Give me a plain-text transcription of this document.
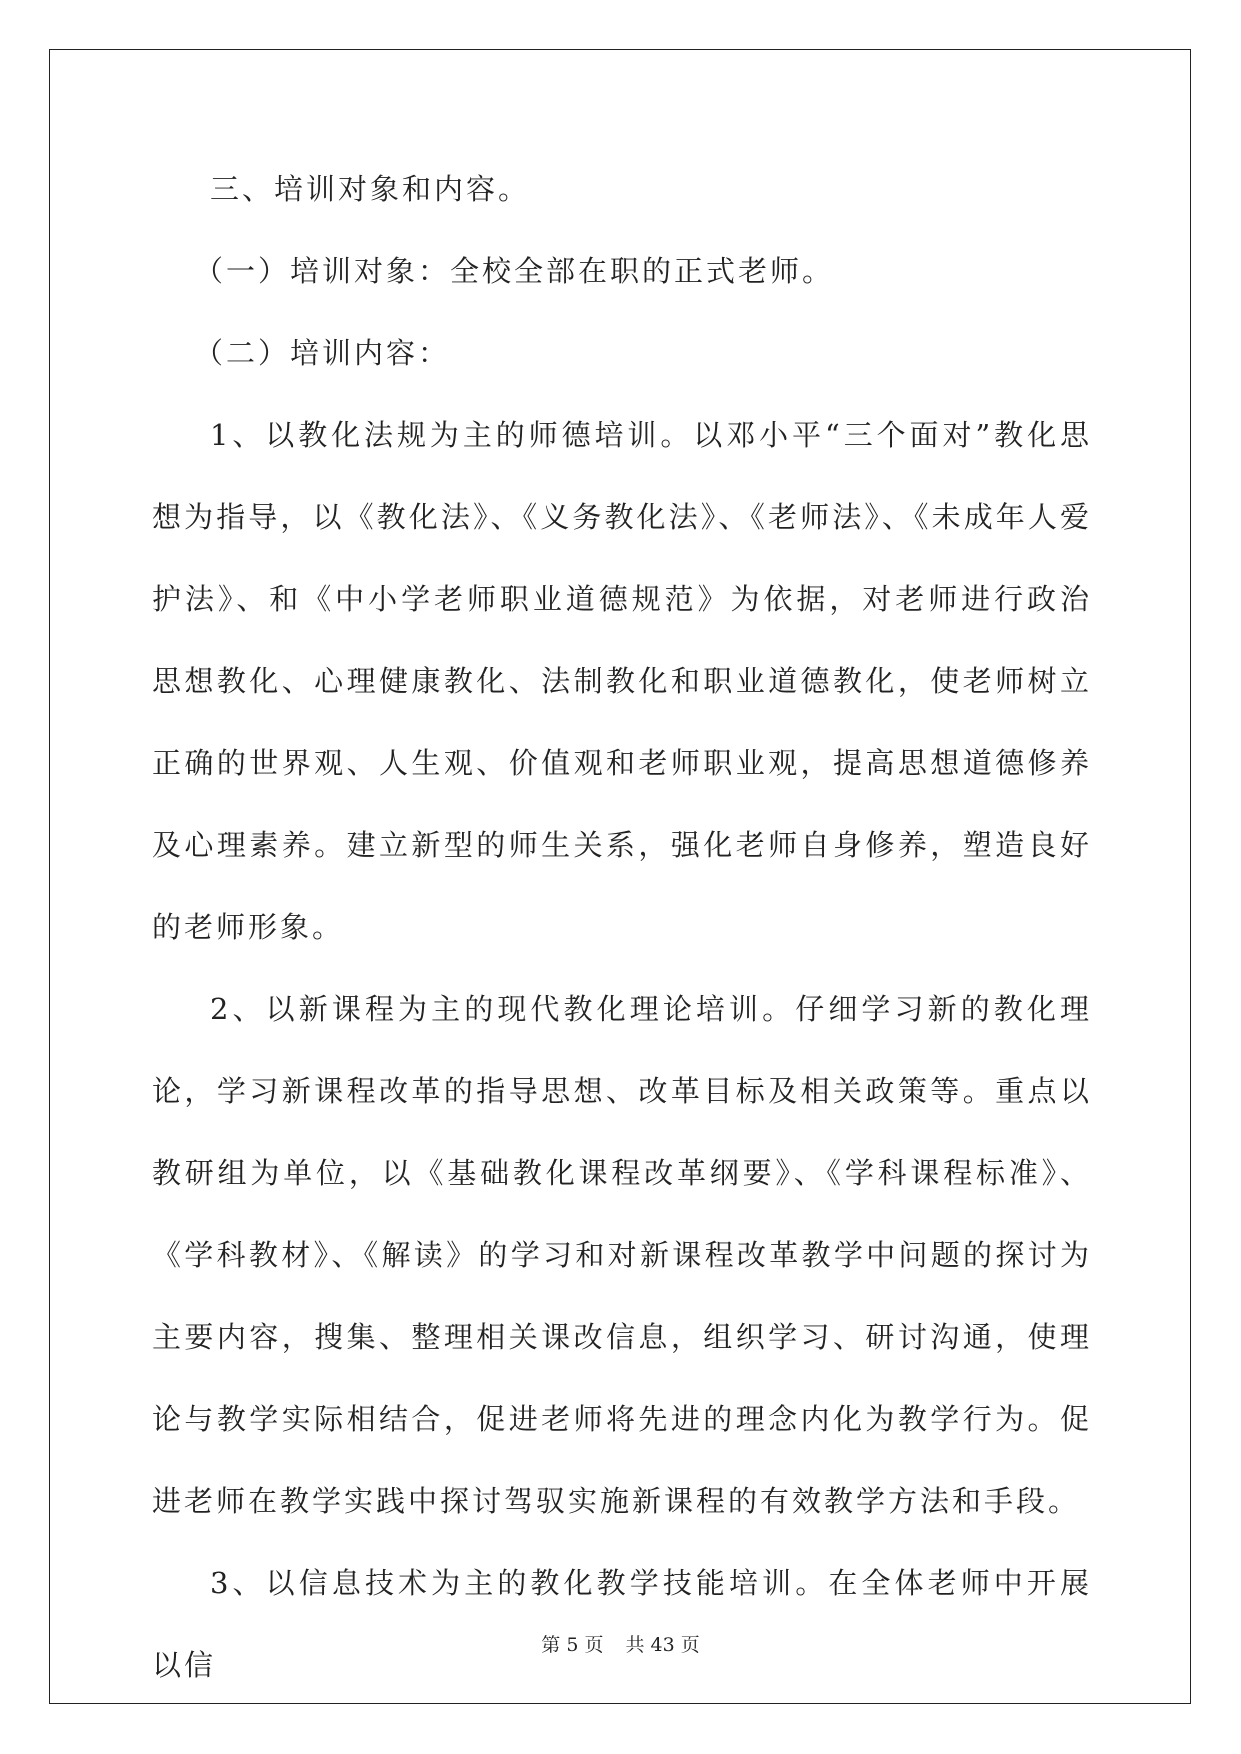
三、培训对象和内容。

（一）培训对象：全校全部在职的正式老师。

（二）培训内容：

1、以教化法规为主的师德培训。以邓小平“三个面对”教化思想为指导，以《教化法》、《义务教化法》、《老师法》、《未成年人爱护法》、和《中小学老师职业道德规范》为依据，对老师进行政治思想教化、心理健康教化、法制教化和职业道德教化，使老师树立正确的世界观、人生观、价值观和老师职业观，提高思想道德修养及心理素养。建立新型的师生关系，强化老师自身修养，塑造良好的老师形象。

2、以新课程为主的现代教化理论培训。仔细学习新的教化理论，学习新课程改革的指导思想、改革目标及相关政策等。重点以教研组为单位，以《基础教化课程改革纲要》、《学科课程标准》、《学科教材》、《解读》的学习和对新课程改革教学中问题的探讨为主要内容，搜集、整理相关课改信息，组织学习、研讨沟通，使理论与教学实际相结合，促进老师将先进的理念内化为教学行为。促进老师在教学实践中探讨驾驭实施新课程的有效教学方法和手段。

3、以信息技术为主的教化教学技能培训。在全体老师中开展以信

第 5 页 共 43 页
